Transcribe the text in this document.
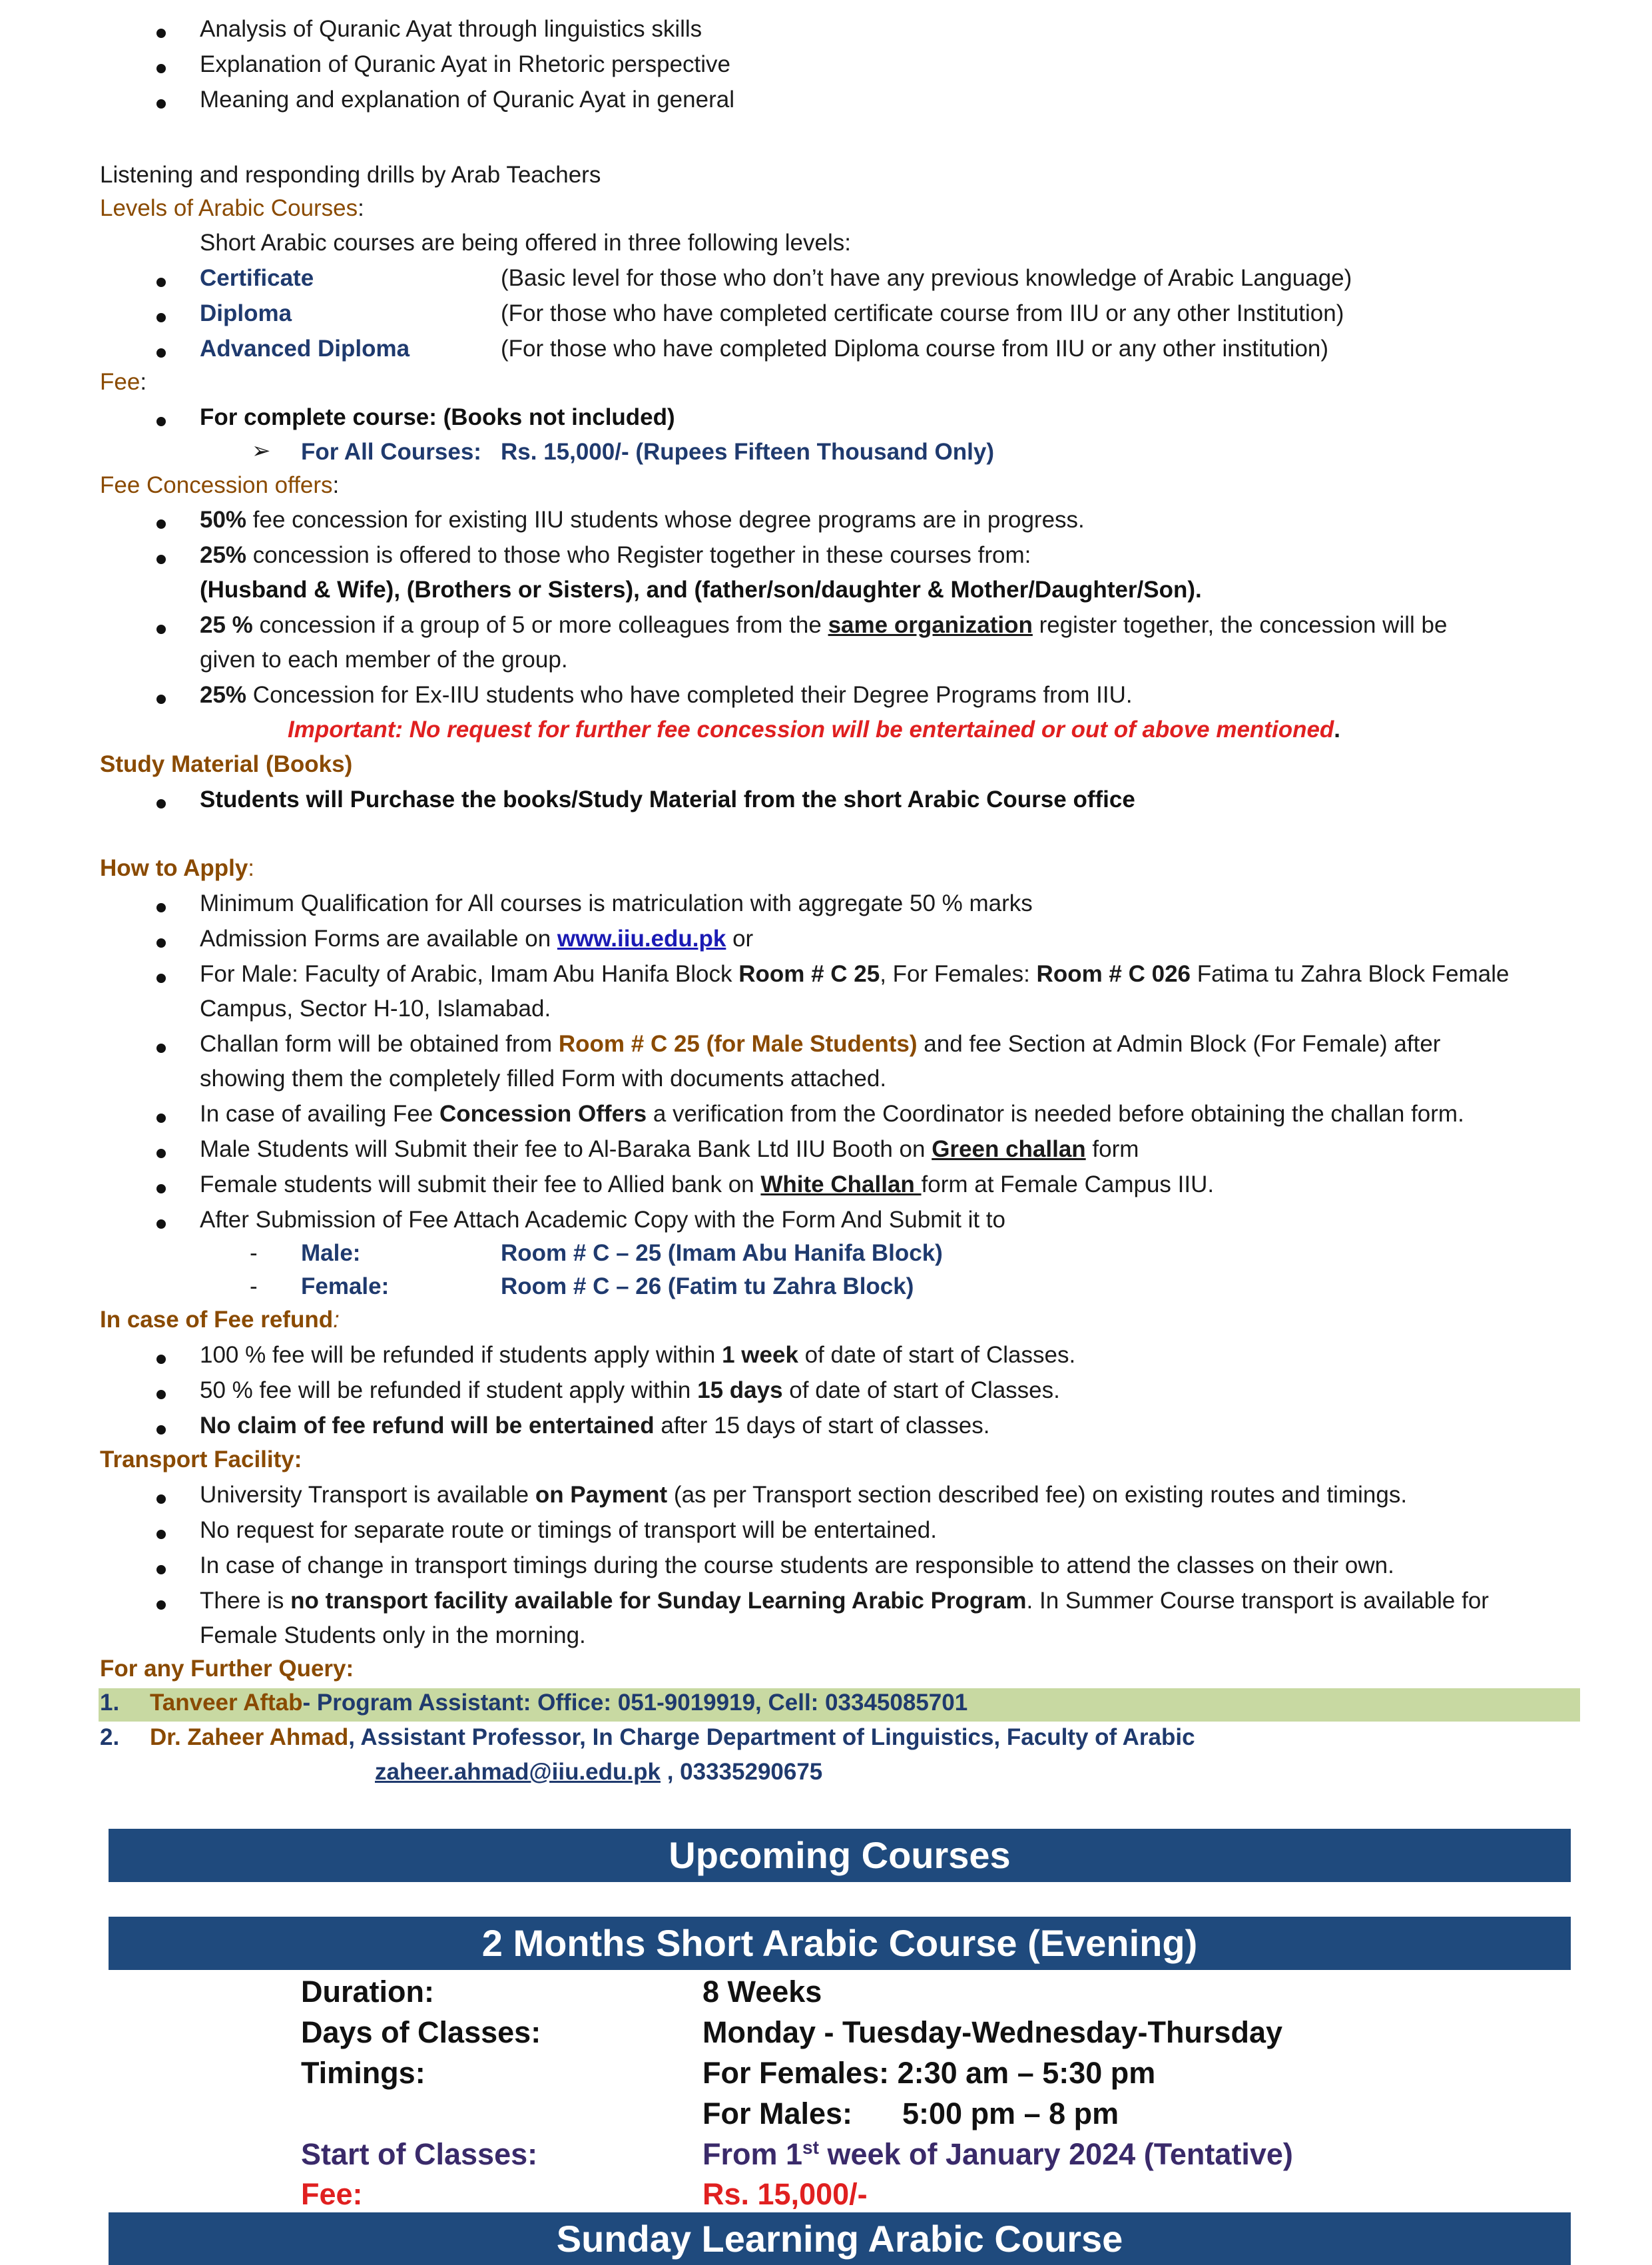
Analysis of Quranic Ayat through linguistics skills
Explanation of Quranic Ayat in Rhetoric perspective
Meaning and explanation of Quranic Ayat in general
Listening and responding drills by Arab Teachers
Levels of Arabic Courses:
Short Arabic courses are being offered in three following levels:
Certificate	(Basic level for those who don’t have any previous knowledge of Arabic Language)
Diploma	(For those who have completed certificate course from IIU or any other Institution)
Advanced Diploma	(For those who have completed Diploma course from IIU or any other institution)
Fee:
For complete course: (Books not included)
➢ For All Courses: Rs. 15,000/- (Rupees Fifteen Thousand Only)
Fee Concession offers:
50% fee concession for existing IIU students whose degree programs are in progress.
25% concession is offered to those who Register together in these courses from:
(Husband & Wife), (Brothers or Sisters), and (father/son/daughter & Mother/Daughter/Son).
25 % concession if a group of 5 or more colleagues from the same organization register together, the concession will be
given to each member of the group.
25% Concession for Ex-IIU students who have completed their Degree Programs from IIU.
Important: No request for further fee concession will be entertained or out of above mentioned.
Study Material (Books)
Students will Purchase the books/Study Material from the short Arabic Course office
How to Apply:
Minimum Qualification for All courses is matriculation with aggregate 50 % marks
Admission Forms are available on www.iiu.edu.pk or
For Male: Faculty of Arabic, Imam Abu Hanifa Block Room # C 25, For Females: Room # C 026 Fatima tu Zahra Block Female
Campus, Sector H-10, Islamabad.
Challan form will be obtained from Room # C 25 (for Male Students) and fee Section at Admin Block (For Female) after
showing them the completely filled Form with documents attached.
In case of availing Fee Concession Offers a verification from the Coordinator is needed before obtaining the challan form.
Male Students will Submit their fee to Al-Baraka Bank Ltd IIU Booth on Green challan form
Female students will submit their fee to Allied bank on White Challan form at Female Campus IIU.
After Submission of Fee Attach Academic Copy with the Form And Submit it to
- Male:	Room # C – 25 (Imam Abu Hanifa Block)
- Female:	Room # C – 26 (Fatim tu Zahra Block)
In case of Fee refund:
100 % fee will be refunded if students apply within 1 week of date of start of Classes.
50 % fee will be refunded if student apply within 15 days of date of start of Classes.
No claim of fee refund will be entertained after 15 days of start of classes.
Transport Facility:
University Transport is available on Payment (as per Transport section described fee) on existing routes and timings.
No request for separate route or timings of transport will be entertained.
In case of change in transport timings during the course students are responsible to attend the classes on their own.
There is no transport facility available for Sunday Learning Arabic Program. In Summer Course transport is available for
Female Students only in the morning.
For any Further Query:
1. Tanveer Aftab- Program Assistant: Office: 051-9019919, Cell: 03345085701
2. Dr. Zaheer Ahmad, Assistant Professor, In Charge Department of Linguistics, Faculty of Arabic
zaheer.ahmad@iiu.edu.pk , 03335290675
Upcoming Courses
2 Months Short Arabic Course (Evening)
Duration:	8 Weeks
Days of Classes:	Monday - Tuesday-Wednesday-Thursday
Timings:	For Females: 2:30 am – 5:30 pm
For Males: 5:00 pm – 8 pm
Start of Classes:	From 1st week of January 2024 (Tentative)
Fee:	Rs. 15,000/-
Sunday Learning Arabic Course
